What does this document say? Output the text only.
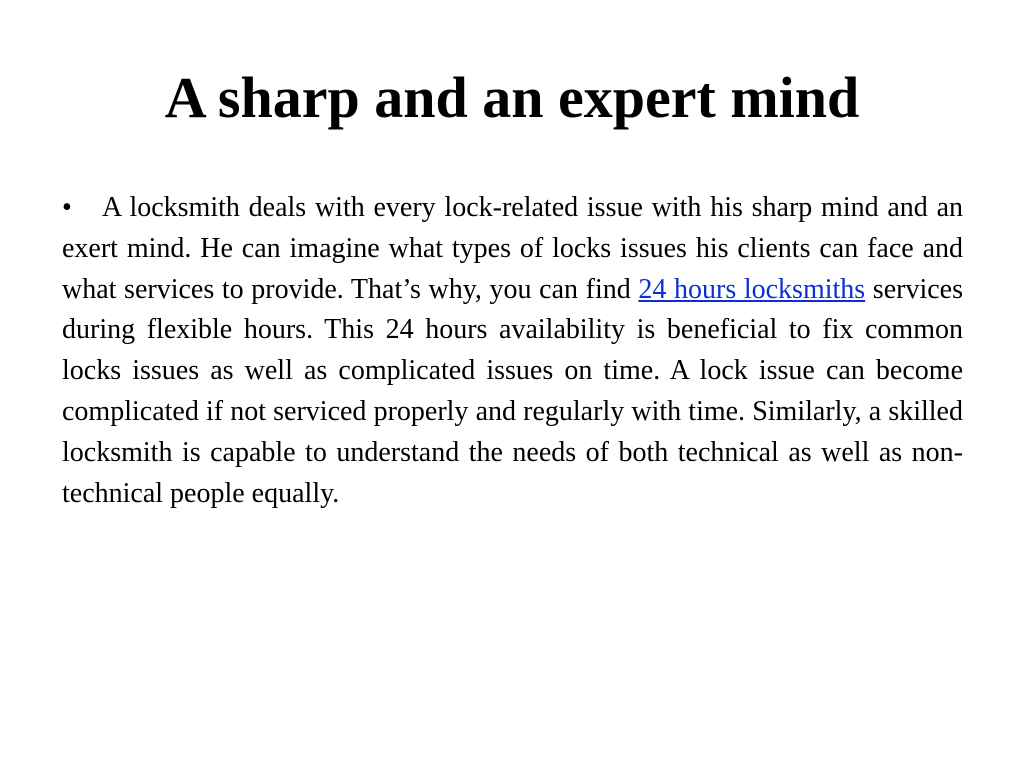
A sharp and an expert mind
• A locksmith deals with every lock-related issue with his sharp mind and an exert mind. He can imagine what types of locks issues his clients can face and what services to provide. That’s why, you can find 24 hours locksmiths services during flexible hours. This 24 hours availability is beneficial to fix common locks issues as well as complicated issues on time. A lock issue can become complicated if not serviced properly and regularly with time. Similarly, a skilled locksmith is capable to understand the needs of both technical as well as non-technical people equally.
